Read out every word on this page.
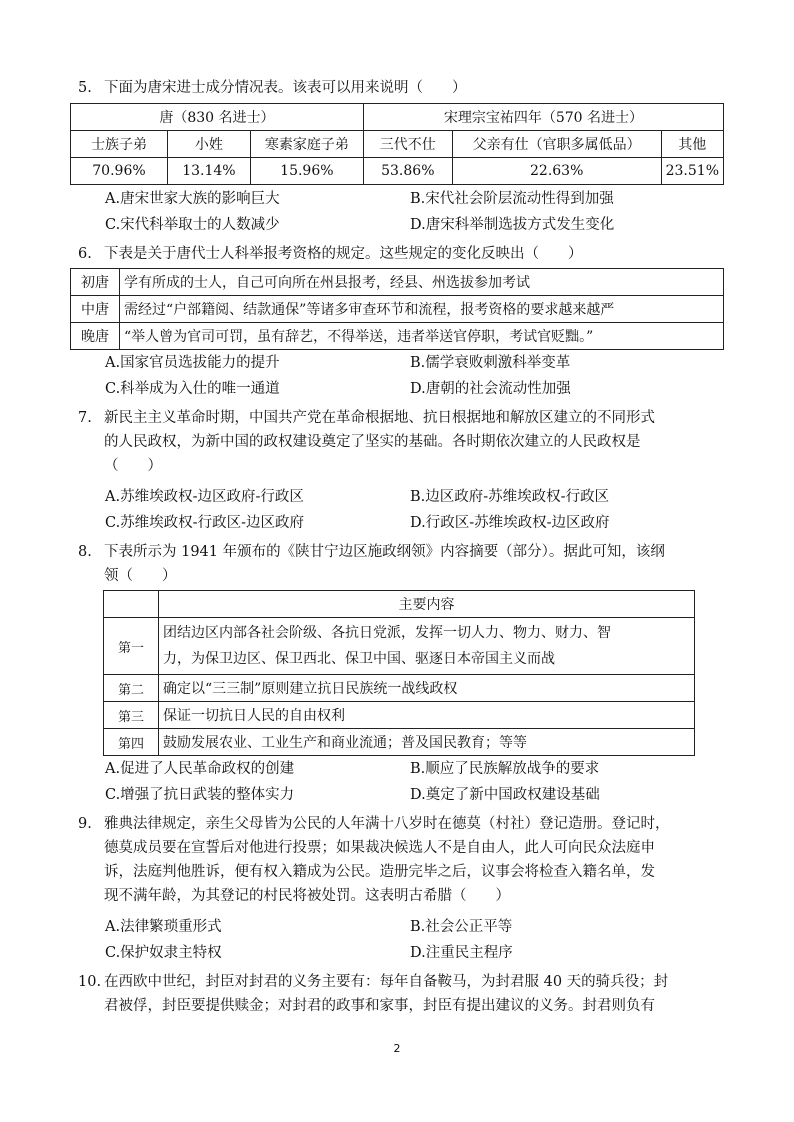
5. 下面为唐宋进士成分情况表。该表可以用来说明（　　）
唐（830 名进士）			宋理宗宝祐四年（570 名进士）		
士族子弟	小姓	寒素家庭子弟	三代不仕	父亲有仕（官职多属低品）	其他
70.96%	13.14%	15.96%	53.86%	22.63%	23.51%
A.唐宋世家大族的影响巨大	B.宋代社会阶层流动性得到加强
C.宋代科举取士的人数减少	D.唐宋科举制选拔方式发生变化
6. 下表是关于唐代士人科举报考资格的规定。这些规定的变化反映出（　　）
初唐	学有所成的士人，自己可向所在州县报考，经县、州选拔参加考试
中唐	需经过“户部籍阅、结款通保”等诸多审查环节和流程，报考资格的要求越来越严
晚唐	“举人曾为官司可罚，虽有辞艺，不得举送，违者举送官停职，考试官贬黜。”
A.国家官员选拔能力的提升	B.儒学衰败刺激科举变革
C.科举成为入仕的唯一通道	D.唐朝的社会流动性加强
7. 新民主主义革命时期，中国共产党在革命根据地、抗日根据地和解放区建立的不同形式
的人民政权，为新中国的政权建设奠定了坚实的基础。各时期依次建立的人民政权是
（　　）
A.苏维埃政权-边区政府-行政区	B.边区政府-苏维埃政权-行政区
C.苏维埃政权-行政区-边区政府	D.行政区-苏维埃政权-边区政府
8. 下表所示为 1941 年颁布的《陕甘宁边区施政纲领》内容摘要（部分）。据此可知，该纲
领（　　）
	主要内容
第一	团结边区内部各社会阶级、各抗日党派，发挥一切人力、物力、财力、智
力，为保卫边区、保卫西北、保卫中国、驱逐日本帝国主义而战

第二	确定以“三三制”原则建立抗日民族统一战线政权
第三	保证一切抗日人民的自由权利
第四	鼓励发展农业、工业生产和商业流通；普及国民教育；等等
A.促进了人民革命政权的创建	B.顺应了民族解放战争的要求
C.增强了抗日武装的整体实力	D.奠定了新中国政权建设基础
9. 雅典法律规定，亲生父母皆为公民的人年满十八岁时在德莫（村社）登记造册。登记时，
德莫成员要在宣誓后对他进行投票；如果裁决候选人不是自由人，此人可向民众法庭申
诉，法庭判他胜诉，便有权入籍成为公民。造册完毕之后，议事会将检查入籍名单，发
现不满年龄，为其登记的村民将被处罚。这表明古希腊（　　）
A.法律繁琐重形式	B.社会公正平等
C.保护奴隶主特权	D.注重民主程序
10. 在西欧中世纪，封臣对封君的义务主要有：每年自备鞍马，为封君服 40 天的骑兵役；封
君被俘，封臣要提供赎金；对封君的政事和家事，封臣有提出建议的义务。封君则负有
2
